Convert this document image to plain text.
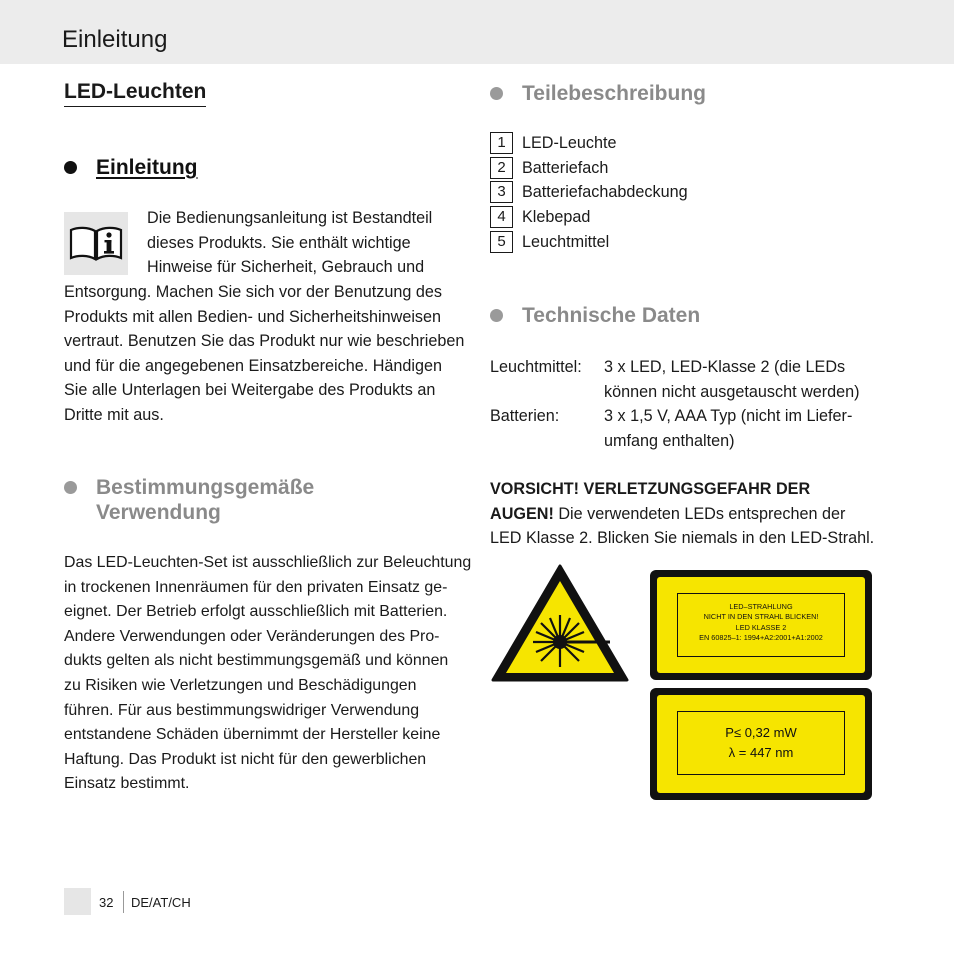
Einleitung
LED-Leuchten
Einleitung

Die Bedienungsanleitung ist Bestandteil
dieses Produkts. Sie enthält wichtige
Hinweise für Sicherheit, Gebrauch und

Entsorgung. Machen Sie sich vor der Benutzung des
Produkts mit allen Bedien- und Sicherheitshinweisen
vertraut. Benutzen Sie das Produkt nur wie beschrieben
und für die angegebenen Einsatzbereiche. Händigen
Sie alle Unterlagen bei Weitergabe des Produkts an
Dritte mit aus.

Bestimmungsgemäße
Verwendung

Das LED-Leuchten-Set ist ausschließlich zur Beleuchtung
in trockenen Innenräumen für den privaten Einsatz ge-
eignet. Der Betrieb erfolgt ausschließlich mit Batterien.
Andere Verwendungen oder Veränderungen des Pro-
dukts gelten als nicht bestimmungsgemäß und können
zu Risiken wie Verletzungen und Beschädigungen
führen. Für aus bestimmungswidriger Verwendung
entstandene Schäden übernimmt der Hersteller keine
Haftung. Das Produkt ist nicht für den gewerblichen
Einsatz bestimmt.

Teilebeschreibung
1	LED-Leuchte
2	Batteriefach
3	Batteriefachabdeckung
4	Klebepad
5	Leuchtmittel
Technische Daten
Leuchtmittel: 3 x LED, LED-Klasse 2 (die LEDs
können nicht ausgetauscht werden)
Batterien:	3 x 1,5 V, AAA Typ (nicht im Liefer-
umfang enthalten)

VORSICHT! VERLETZUNGSGEFAHR DER
AUGEN! Die verwendeten LEDs entsprechen der
LED Klasse 2. Blicken Sie niemals in den LED-Strahl.

LED–STRAHLUNG
NICHT IN DEN STRAHL BLICKEN!
LED KLASSE 2
EN 60825–1: 1994+A2:2001+A1:2002
P≤ 0,32 mW
λ = 447 nm
32 DE/AT/CH
